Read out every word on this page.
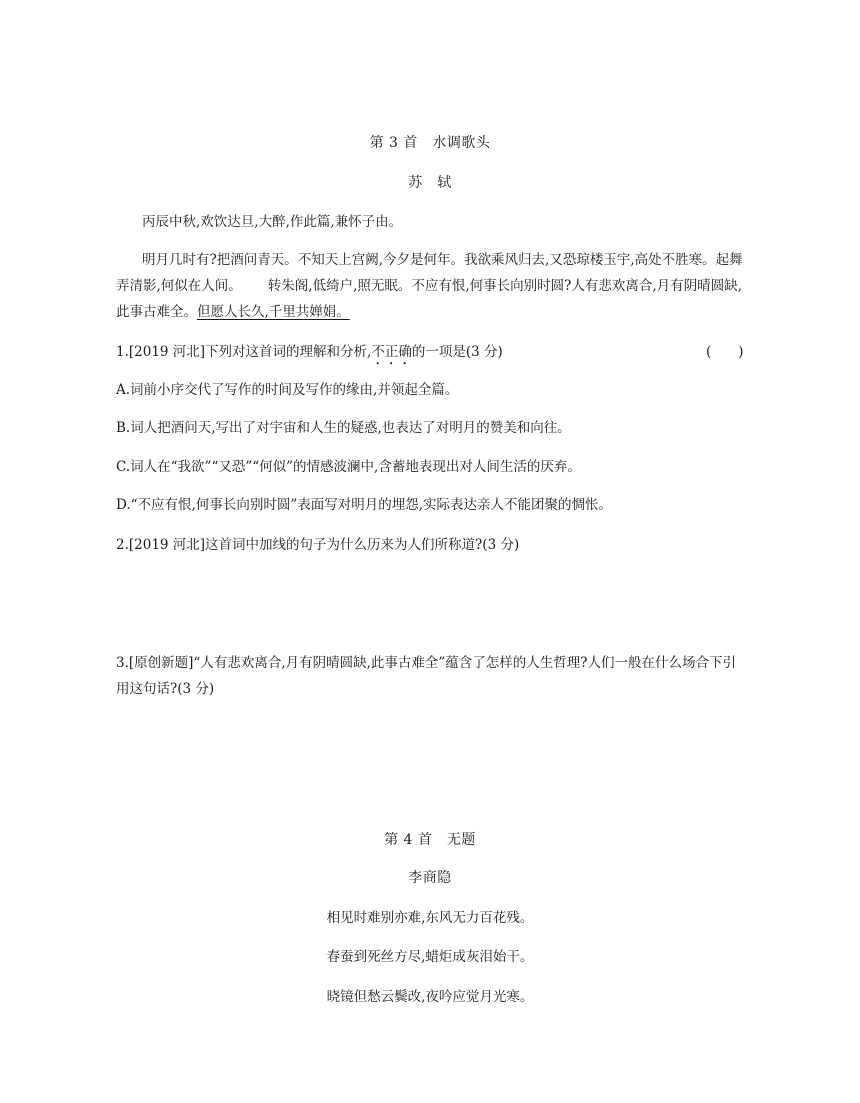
第 3 首　水调歌头
苏　轼
丙辰中秋,欢饮达旦,大醉,作此篇,兼怀子由。
明月几时有?把酒问青天。不知天上宫阙,今夕是何年。我欲乘风归去,又恐琼楼玉宇,高处不胜寒。起舞
弄清影,何似在人间。 转朱阁,低绮户,照无眠。不应有恨,何事长向别时圆?人有悲欢离合,月有阴晴圆缺,
此事古难全。但愿人长久,千里共婵娟。
1.[2019 河北]下列对这首词的理解和分析,不正确的一项是(3 分)	(　　)
A.词前小序交代了写作的时间及写作的缘由,并领起全篇。
B.词人把酒问天,写出了对宇宙和人生的疑惑,也表达了对明月的赞美和向往。
C.词人在“我欲”“又恐”“何似”的情感波澜中,含蓄地表现出对人间生活的厌弃。
D.“不应有恨,何事长向别时圆”表面写对明月的埋怨,实际表达亲人不能团聚的惆怅。
2.[2019 河北]这首词中加线的句子为什么历来为人们所称道?(3 分)
3.[原创新题]“人有悲欢离合,月有阴晴圆缺,此事古难全”蕴含了怎样的人生哲理?人们一般在什么场合下引
用这句话?(3 分)
第 4 首　无题
李商隐
相见时难别亦难,东风无力百花残。
春蚕到死丝方尽,蜡炬成灰泪始干。
晓镜但愁云鬓改,夜吟应觉月光寒。
